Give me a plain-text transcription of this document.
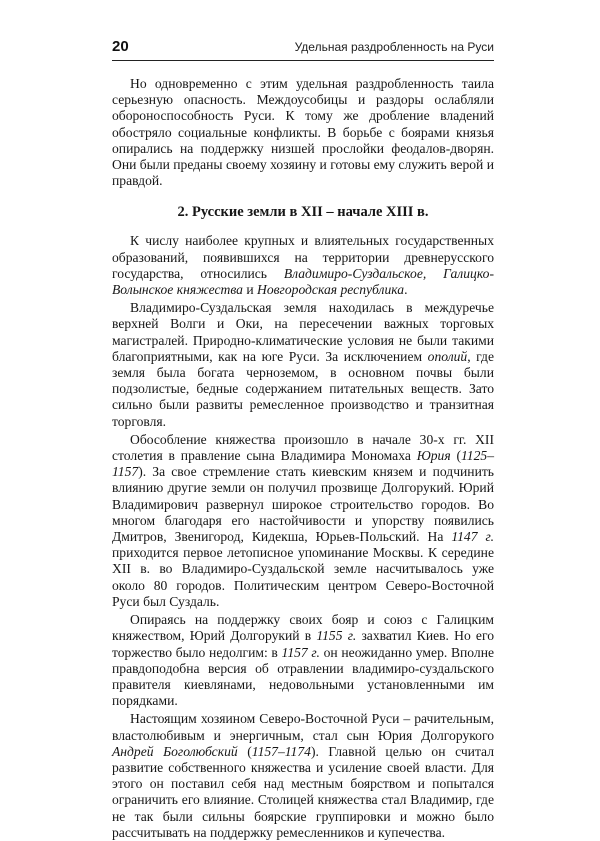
20	Удельная раздробленность на Руси

Но одновременно с этим удельная раздробленность таила серьезную опасность. Междоусобицы и раздоры ослабляли обороноспособность Руси. К тому же дробление владений обостряло социальные конфликты. В борьбе с боярами князья опирались на поддержку низшей прослойки феодалов-дворян. Они были преданы своему хозяину и готовы ему служить верой и правдой.

2. Русские земли в XII – начале XIII в.

К числу наиболее крупных и влиятельных государственных образований, появившихся на территории древнерусского государства, относились Владимиро-Суздальское, Галицко-Волынское княжества и Новгородская республика.

Владимиро-Суздальская земля находилась в междуречье верхней Волги и Оки, на пересечении важных торговых магистралей. Природно-климатические условия не были такими благоприятными, как на юге Руси. За исключением ополий, где земля была богата черноземом, в основном почвы были подзолистые, бедные содержанием питательных веществ. Зато сильно были развиты ремесленное производство и транзитная торговля.

Обособление княжества произошло в начале 30-х гг. XII столетия в правление сына Владимира Мономаха Юрия (1125–1157). За свое стремление стать киевским князем и подчинить влиянию другие земли он получил прозвище Долгорукий. Юрий Владимирович развернул широкое строительство городов. Во многом благодаря его настойчивости и упорству появились Дмитров, Звенигород, Кидекша, Юрьев-Польский. На 1147 г. приходится первое летописное упоминание Москвы. К середине XII в. во Владимиро-Суздальской земле насчитывалось уже около 80 городов. Политическим центром Северо-Восточной Руси был Суздаль.

Опираясь на поддержку своих бояр и союз с Галицким княжеством, Юрий Долгорукий в 1155 г. захватил Киев. Но его торжество было недолгим: в 1157 г. он неожиданно умер. Вполне правдоподобна версия об отравлении владимиро-суздальского правителя киевлянами, недовольными установленными им порядками.

Настоящим хозяином Северо-Восточной Руси – рачительным, властолюбивым и энергичным, стал сын Юрия Долгорукого Андрей Боголюбский (1157–1174). Главной целью он считал развитие собственного княжества и усиление своей власти. Для этого он поставил себя над местным боярством и попытался ограничить его влияние. Столицей княжества стал Владимир, где не так были сильны боярские группировки и можно было рассчитывать на поддержку ремесленников и купечества.
